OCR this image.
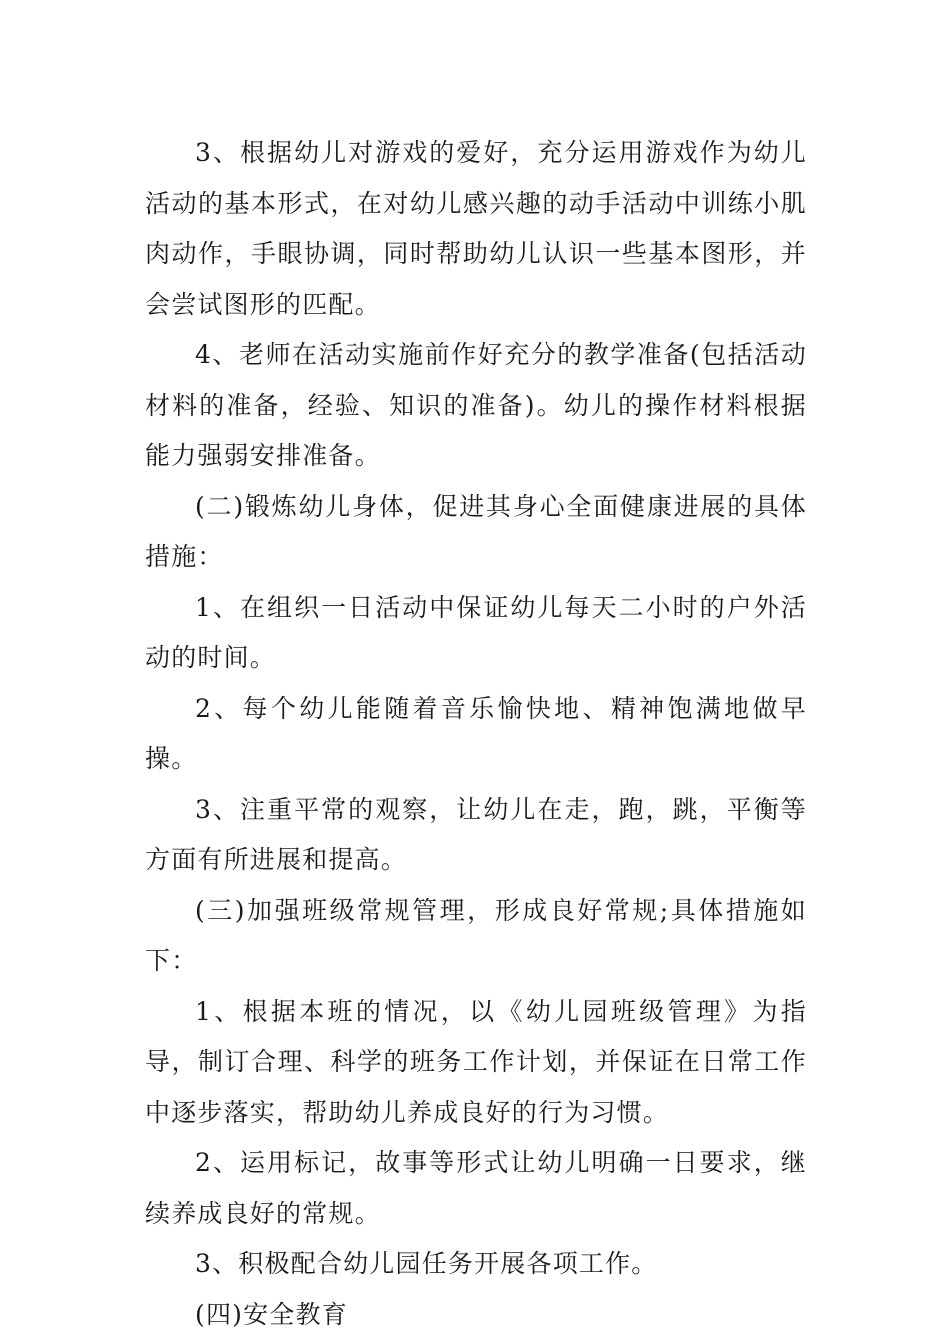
3、根据幼儿对游戏的爱好，充分运用游戏作为幼儿活动的基本形式，在对幼儿感兴趣的动手活动中训练小肌肉动作，手眼协调，同时帮助幼儿认识一些基本图形，并会尝试图形的匹配。

4、老师在活动实施前作好充分的教学准备(包括活动材料的准备，经验、知识的准备)。幼儿的操作材料根据能力强弱安排准备。

(二)锻炼幼儿身体，促进其身心全面健康进展的具体措施：

1、在组织一日活动中保证幼儿每天二小时的户外活动的时间。

2、每个幼儿能随着音乐愉快地、精神饱满地做早操。

3、注重平常的观察，让幼儿在走，跑，跳，平衡等方面有所进展和提高。

(三)加强班级常规管理，形成良好常规;具体措施如下：

1、根据本班的情况，以《幼儿园班级管理》为指导，制订合理、科学的班务工作计划，并保证在日常工作中逐步落实，帮助幼儿养成良好的行为习惯。

2、运用标记，故事等形式让幼儿明确一日要求，继续养成良好的常规。

3、积极配合幼儿园任务开展各项工作。

(四)安全教育
